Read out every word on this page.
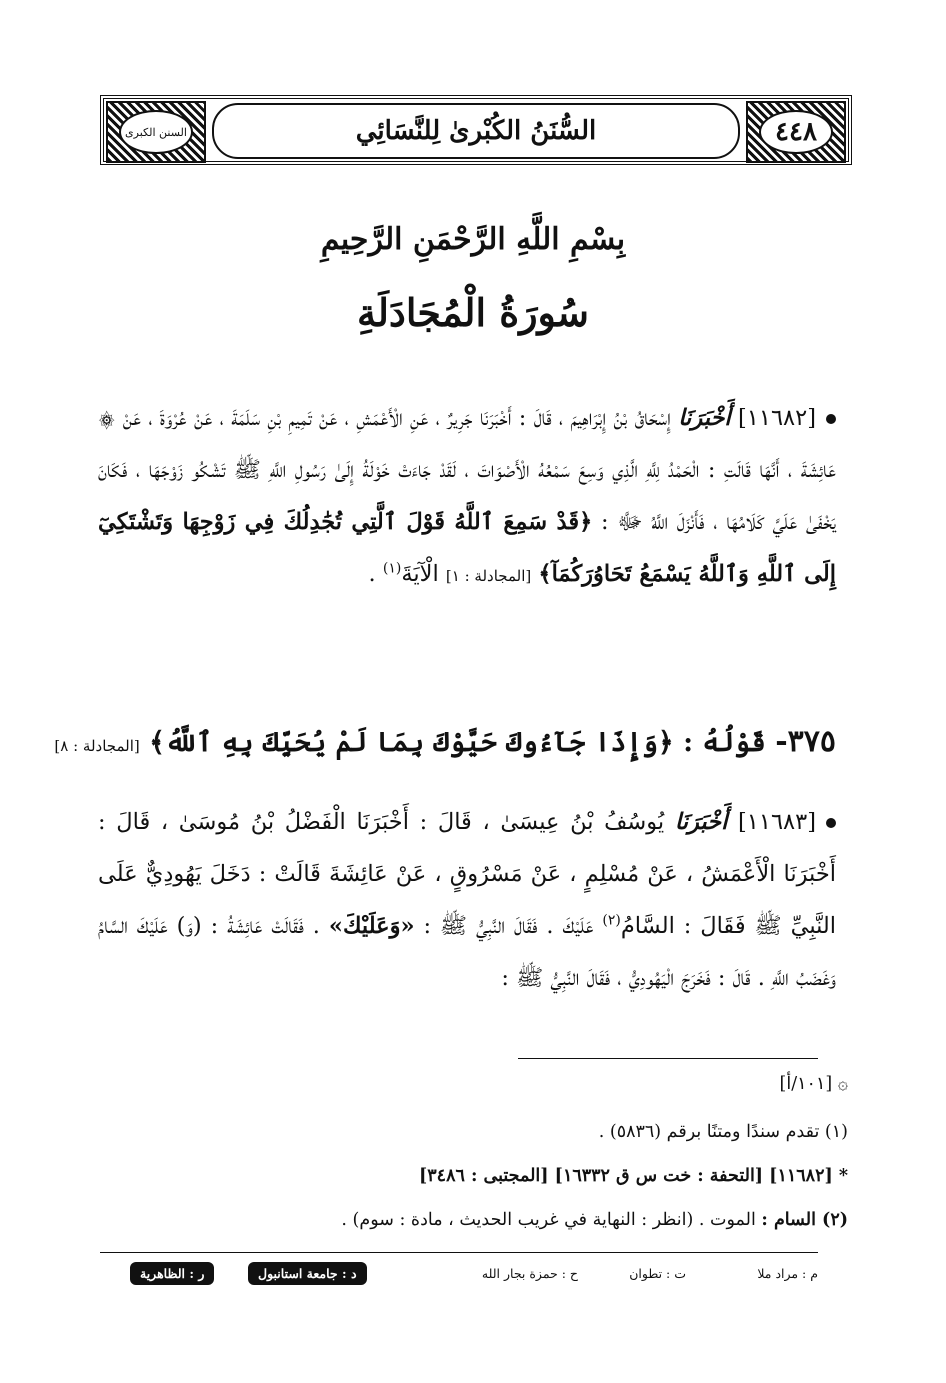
٤٤٨
السُّنَنُ الكُبْرىٰ لِلنَّسَائِي
السنن الكبرى
بِسْمِ اللَّهِ الرَّحْمَنِ الرَّحِيمِ
سُورَةُ الْمُجَادَلَةِ
[١١٦٨٢] أَخْبَرَنَا إِسْحَاقُ بْنُ إِبْرَاهِيمَ ، قَالَ : أَخْبَرَنَا جَرِيرٌ ، عَنِ الْأَعْمَشِ ، عَنْ تَمِيمِ بْنِ سَلَمَةَ ، عَنْ عُرْوَةَ ، عَنْ ۞ عَائِشَةَ ، أَنَّهَا قَالَتِ : الْحَمْدُ لِلَّهِ الَّذِي وَسِعَ سَمْعُهُ الْأَصْوَاتَ ، لَقَدْ جَاءَتْ خَوْلَةُ إِلَىٰ رَسُولِ اللَّهِ ﷺ تَشْكُو زَوْجَهَا ، فَكَانَ يَخْفَىٰ عَلَيَّ كَلَامُهَا ، فَأَنْزَلَ اللَّهُ ﷻ : ﴿قَدْ سَمِعَ ٱللَّهُ قَوْلَ ٱلَّتِي تُجَٰدِلُكَ فِي زَوْجِهَا وَتَشْتَكِيٓ إِلَى ٱللَّهِ وَٱللَّهُ يَسْمَعُ تَحَاوُرَكُمَآ﴾ [المجادلة : ١] الْآيَةَ$^{(١)}$ .
٣٧٥- قَوْلُهُ : ﴿وَإِذَا جَآءُوكَ حَيَّوْكَ بِمَا لَمْ يُحَيِّكَ بِهِ ٱللَّهُ﴾ [المجادلة : ٨]
[١١٦٨٣] أَخْبَرَنَا يُوسُفُ بْنُ عِيسَىٰ ، قَالَ : أَخْبَرَنَا الْفَضْلُ بْنُ مُوسَىٰ ، قَالَ : أَخْبَرَنَا الْأَعْمَشُ ، عَنْ مُسْلِمٍ ، عَنْ مَسْرُوقٍ ، عَنْ عَائِشَةَ قَالَتْ : دَخَلَ يَهُودِيٌّ عَلَى النَّبِيِّ ﷺ فَقَالَ : السَّامُ$^{(٢)}$ عَلَيْكَ . فَقَالَ النَّبِيُّ ﷺ : «وَعَلَيْكَ» . فَقَالَتْ عَائِشَةُ : (وَ) عَلَيْكَ السَّامُ وَغَضَبُ اللَّهِ . قَالَ : فَخَرَجَ الْيَهُودِيُّ ، فَقَالَ النَّبِيُّ ﷺ :
۞ [١٠١/أ]
(١) تقدم سندًا ومتنًا برقم (٥٨٣٦) .
* [١١٦٨٢] [التحفة : خت س ق ١٦٣٣٢] [المجتبى : ٣٤٨٦]
(٢) السام : الموت . (انظر : النهاية في غريب الحديث ، مادة : سوم) .
م : مراد ملا
ت : تطوان
ح : حمزة بجار الله
د : جامعة استانبول
ر : الظاهرية
